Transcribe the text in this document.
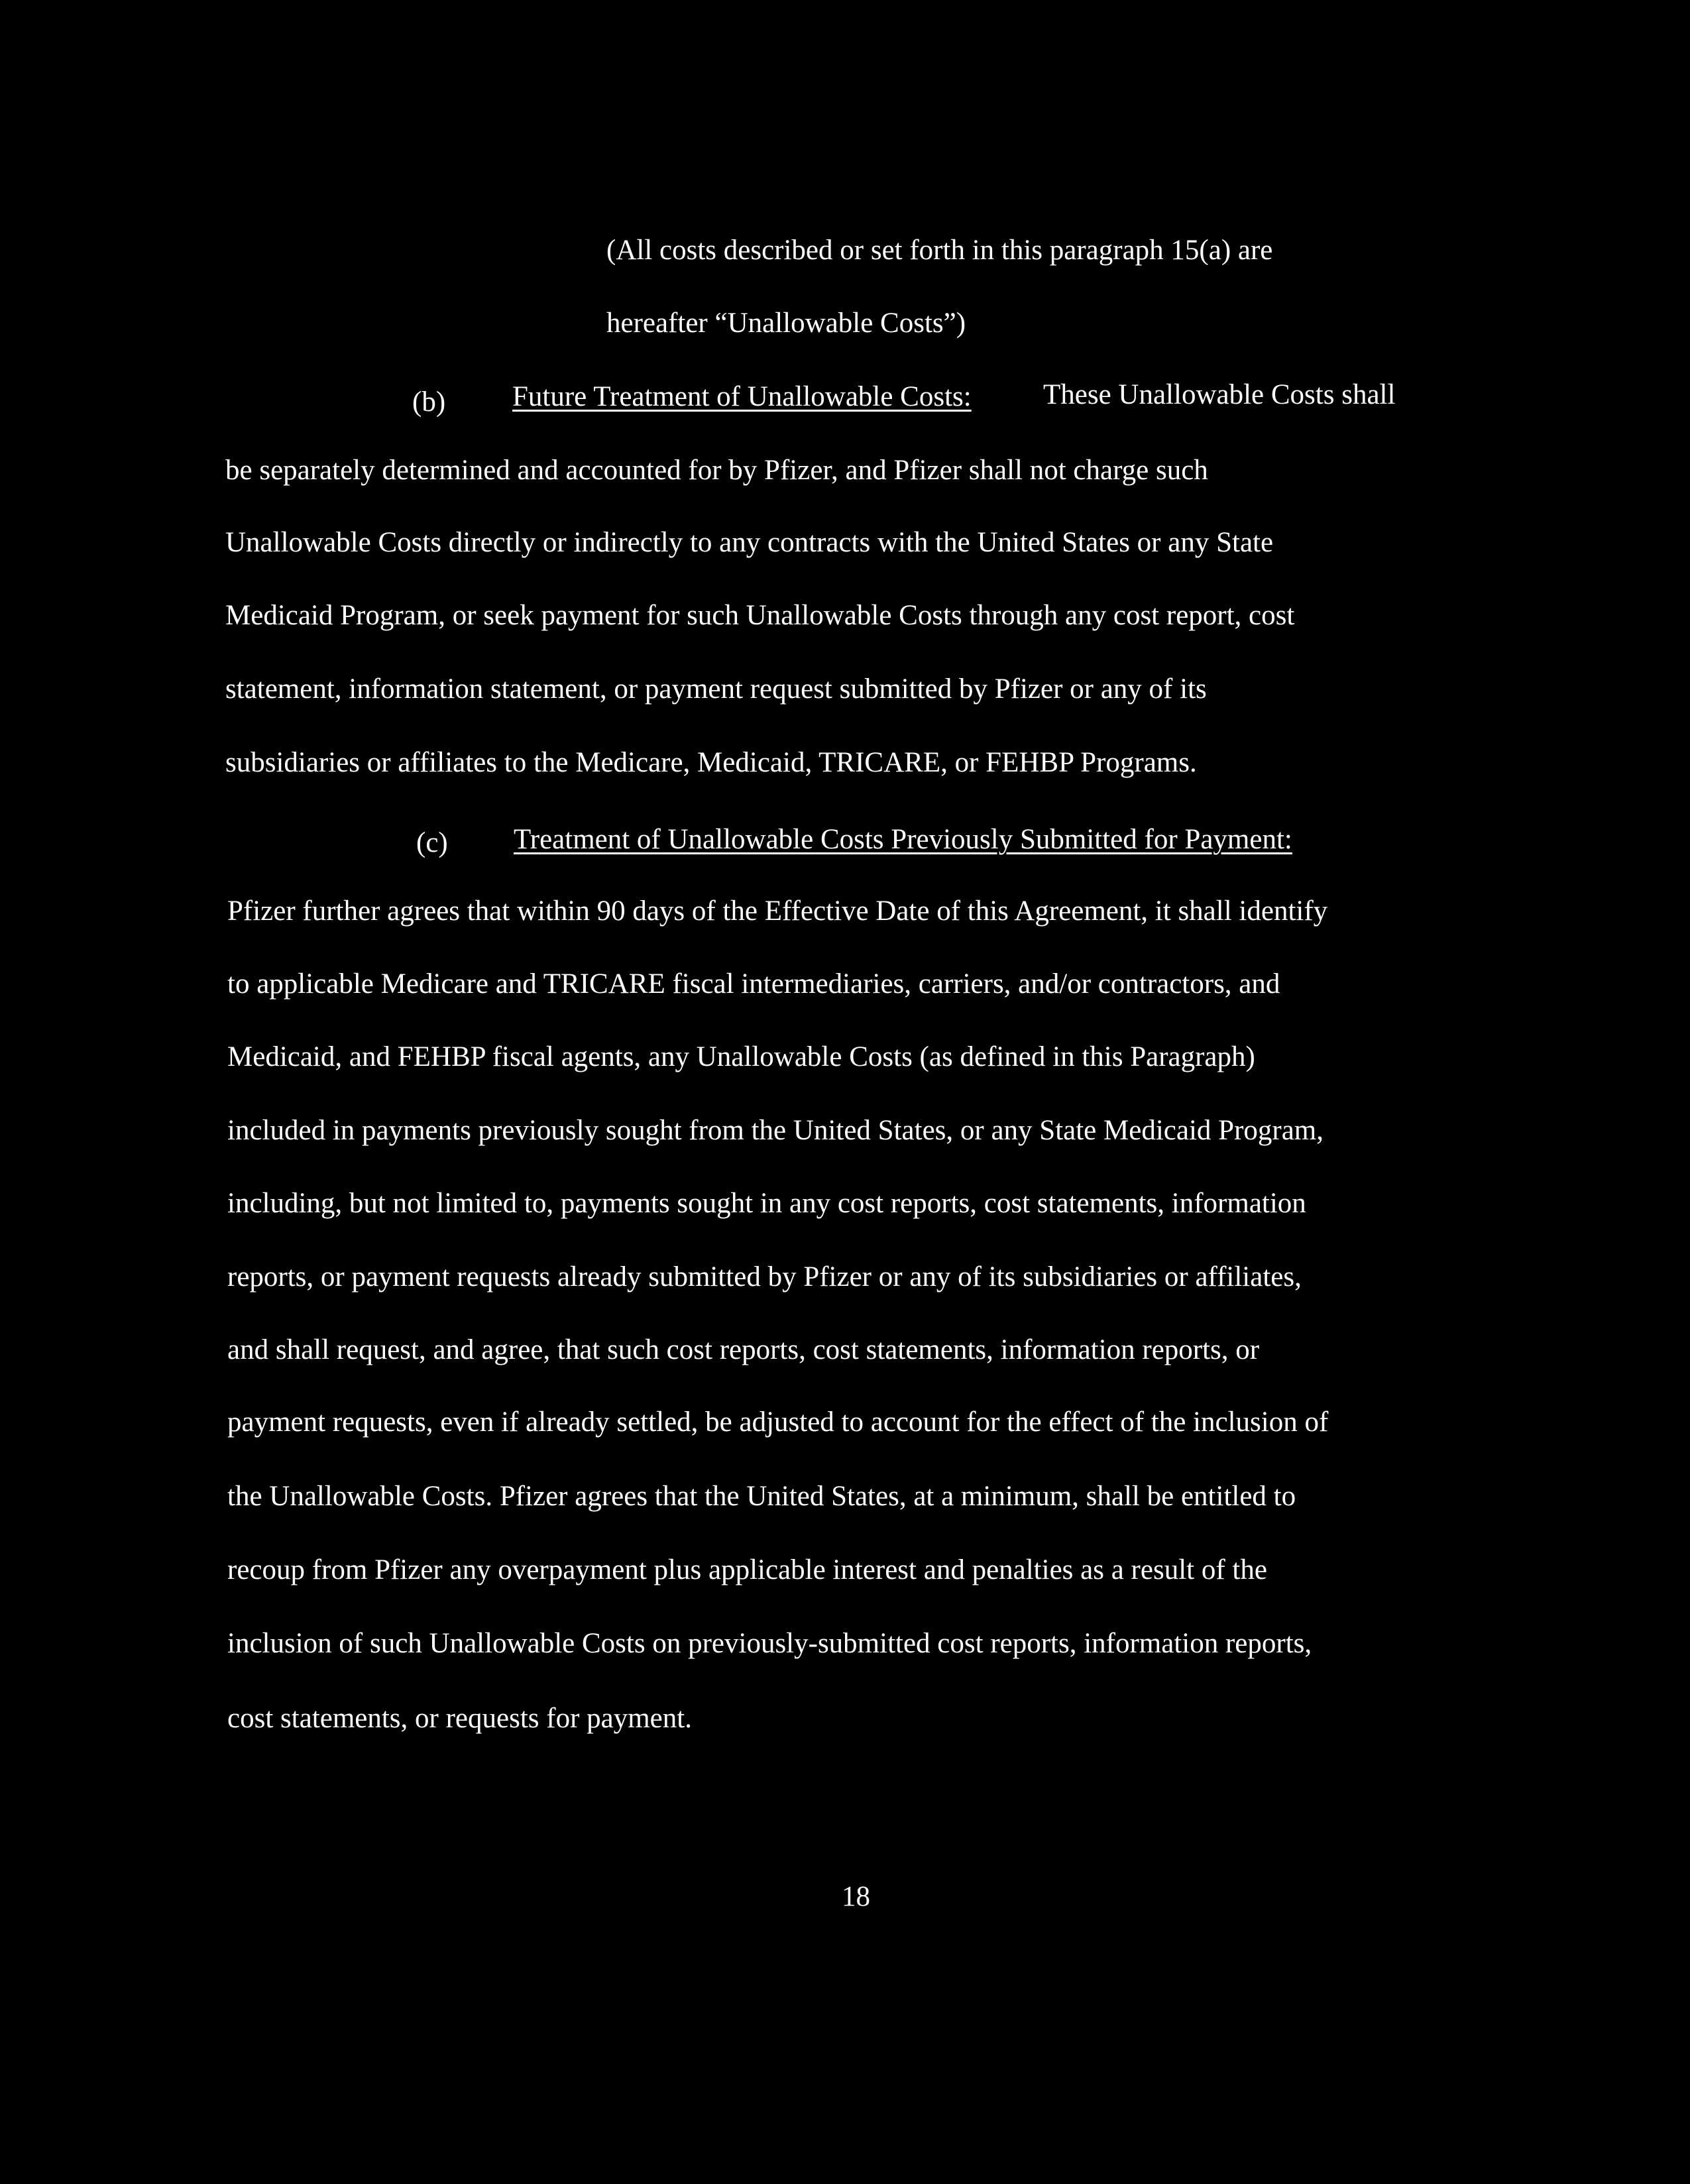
(All costs described or set forth in this paragraph 15(a) are
hereafter “Unallowable Costs”)
(b) Future Treatment of Unallowable Costs:	These Unallowable Costs shall
be separately determined and accounted for by Pfizer, and Pfizer shall not charge such
Unallowable Costs directly or indirectly to any contracts with the United States or any State
Medicaid Program, or seek payment for such Unallowable Costs through any cost report, cost
statement, information statement, or payment request submitted by Pfizer or any of its
subsidiaries or affiliates to the Medicare, Medicaid, TRICARE, or FEHBP Programs.
(c) Treatment of Unallowable Costs Previously Submitted for Payment:
Pfizer further agrees that within 90 days of the Effective Date of this Agreement, it shall identify
to applicable Medicare and TRICARE fiscal intermediaries, carriers, and/or contractors, and
Medicaid, and FEHBP fiscal agents, any Unallowable Costs (as defined in this Paragraph)
included in payments previously sought from the United States, or any State Medicaid Program,
including, but not limited to, payments sought in any cost reports, cost statements, information
reports, or payment requests already submitted by Pfizer or any of its subsidiaries or affiliates,
and shall request, and agree, that such cost reports, cost statements, information reports, or
payment requests, even if already settled, be adjusted to account for the effect of the inclusion of
the Unallowable Costs. Pfizer agrees that the United States, at a minimum, shall be entitled to
recoup from Pfizer any overpayment plus applicable interest and penalties as a result of the
inclusion of such Unallowable Costs on previously-submitted cost reports, information reports,
cost statements, or requests for payment.
18
